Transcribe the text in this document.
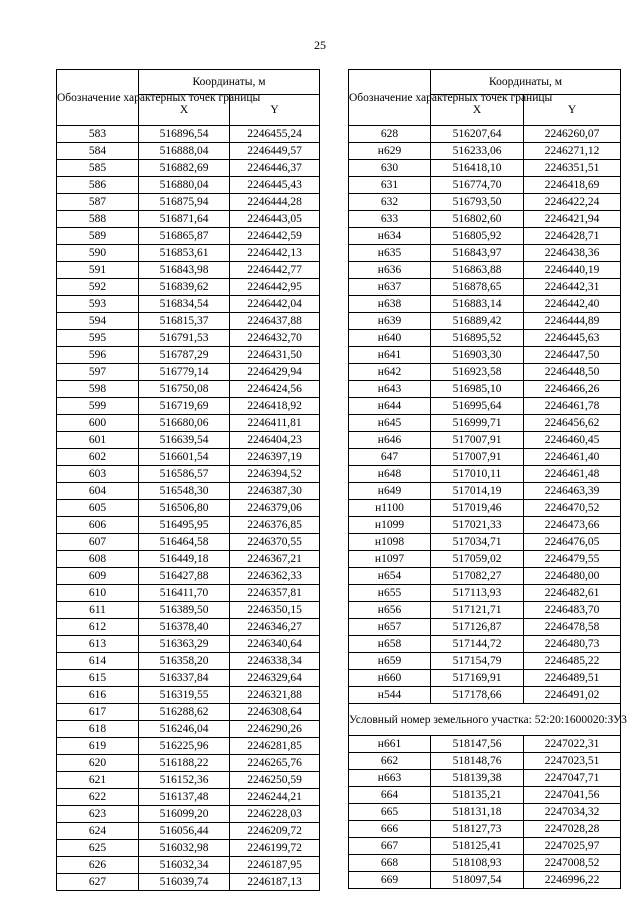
25
Обозначение характерных точек границы	Координаты, м	
	X	Y
583	516896,54	2246455,24
584	516888,04	2246449,57
585	516882,69	2246446,37
586	516880,04	2246445,43
587	516875,94	2246444,28
588	516871,64	2246443,05
589	516865,87	2246442,59
590	516853,61	2246442,13
591	516843,98	2246442,77
592	516839,62	2246442,95
593	516834,54	2246442,04
594	516815,37	2246437,88
595	516791,53	2246432,70
596	516787,29	2246431,50
597	516779,14	2246429,94
598	516750,08	2246424,56
599	516719,69	2246418,92
600	516680,06	2246411,81
601	516639,54	2246404,23
602	516601,54	2246397,19
603	516586,57	2246394,52
604	516548,30	2246387,30
605	516506,80	2246379,06
606	516495,95	2246376,85
607	516464,58	2246370,55
608	516449,18	2246367,21
609	516427,88	2246362,33
610	516411,70	2246357,81
611	516389,50	2246350,15
612	516378,40	2246346,27
613	516363,29	2246340,64
614	516358,20	2246338,34
615	516337,84	2246329,64
616	516319,55	2246321,88
617	516288,62	2246308,64
618	516246,04	2246290,26
619	516225,96	2246281,85
620	516188,22	2246265,76
621	516152,36	2246250,59
622	516137,48	2246244,21
623	516099,20	2246228,03
624	516056,44	2246209,72
625	516032,98	2246199,72
626	516032,34	2246187,95
627	516039,74	2246187,13
Обозначение характерных точек границы	Координаты, м	
	X	Y
628	516207,64	2246260,07
н629	516233,06	2246271,12
630	516418,10	2246351,51
631	516774,70	2246418,69
632	516793,50	2246422,24
633	516802,60	2246421,94
н634	516805,92	2246428,71
н635	516843,97	2246438,36
н636	516863,88	2246440,19
н637	516878,65	2246442,31
н638	516883,14	2246442,40
н639	516889,42	2246444,89
н640	516895,52	2246445,63
н641	516903,30	2246447,50
н642	516923,58	2246448,50
н643	516985,10	2246466,26
н644	516995,64	2246461,78
н645	516999,71	2246456,62
н646	517007,91	2246460,45
647	517007,91	2246461,40
н648	517010,11	2246461,48
н649	517014,19	2246463,39
н1100	517019,46	2246470,52
н1099	517021,33	2246473,66
н1098	517034,71	2246476,05
н1097	517059,02	2246479,55
н654	517082,27	2246480,00
н655	517113,93	2246482,61
н656	517121,71	2246483,70
н657	517126,87	2246478,58
н658	517144,72	2246480,73
н659	517154,79	2246485,22
н660	517169,91	2246489,51
н544	517178,66	2246491,02
Условный номер земельного участка: 52:20:1600020:ЗУ3		
н661	518147,56	2247022,31
662	518148,76	2247023,51
н663	518139,38	2247047,71
664	518135,21	2247041,56
665	518131,18	2247034,32
666	518127,73	2247028,28
667	518125,41	2247025,97
668	518108,93	2247008,52
669	518097,54	2246996,22
